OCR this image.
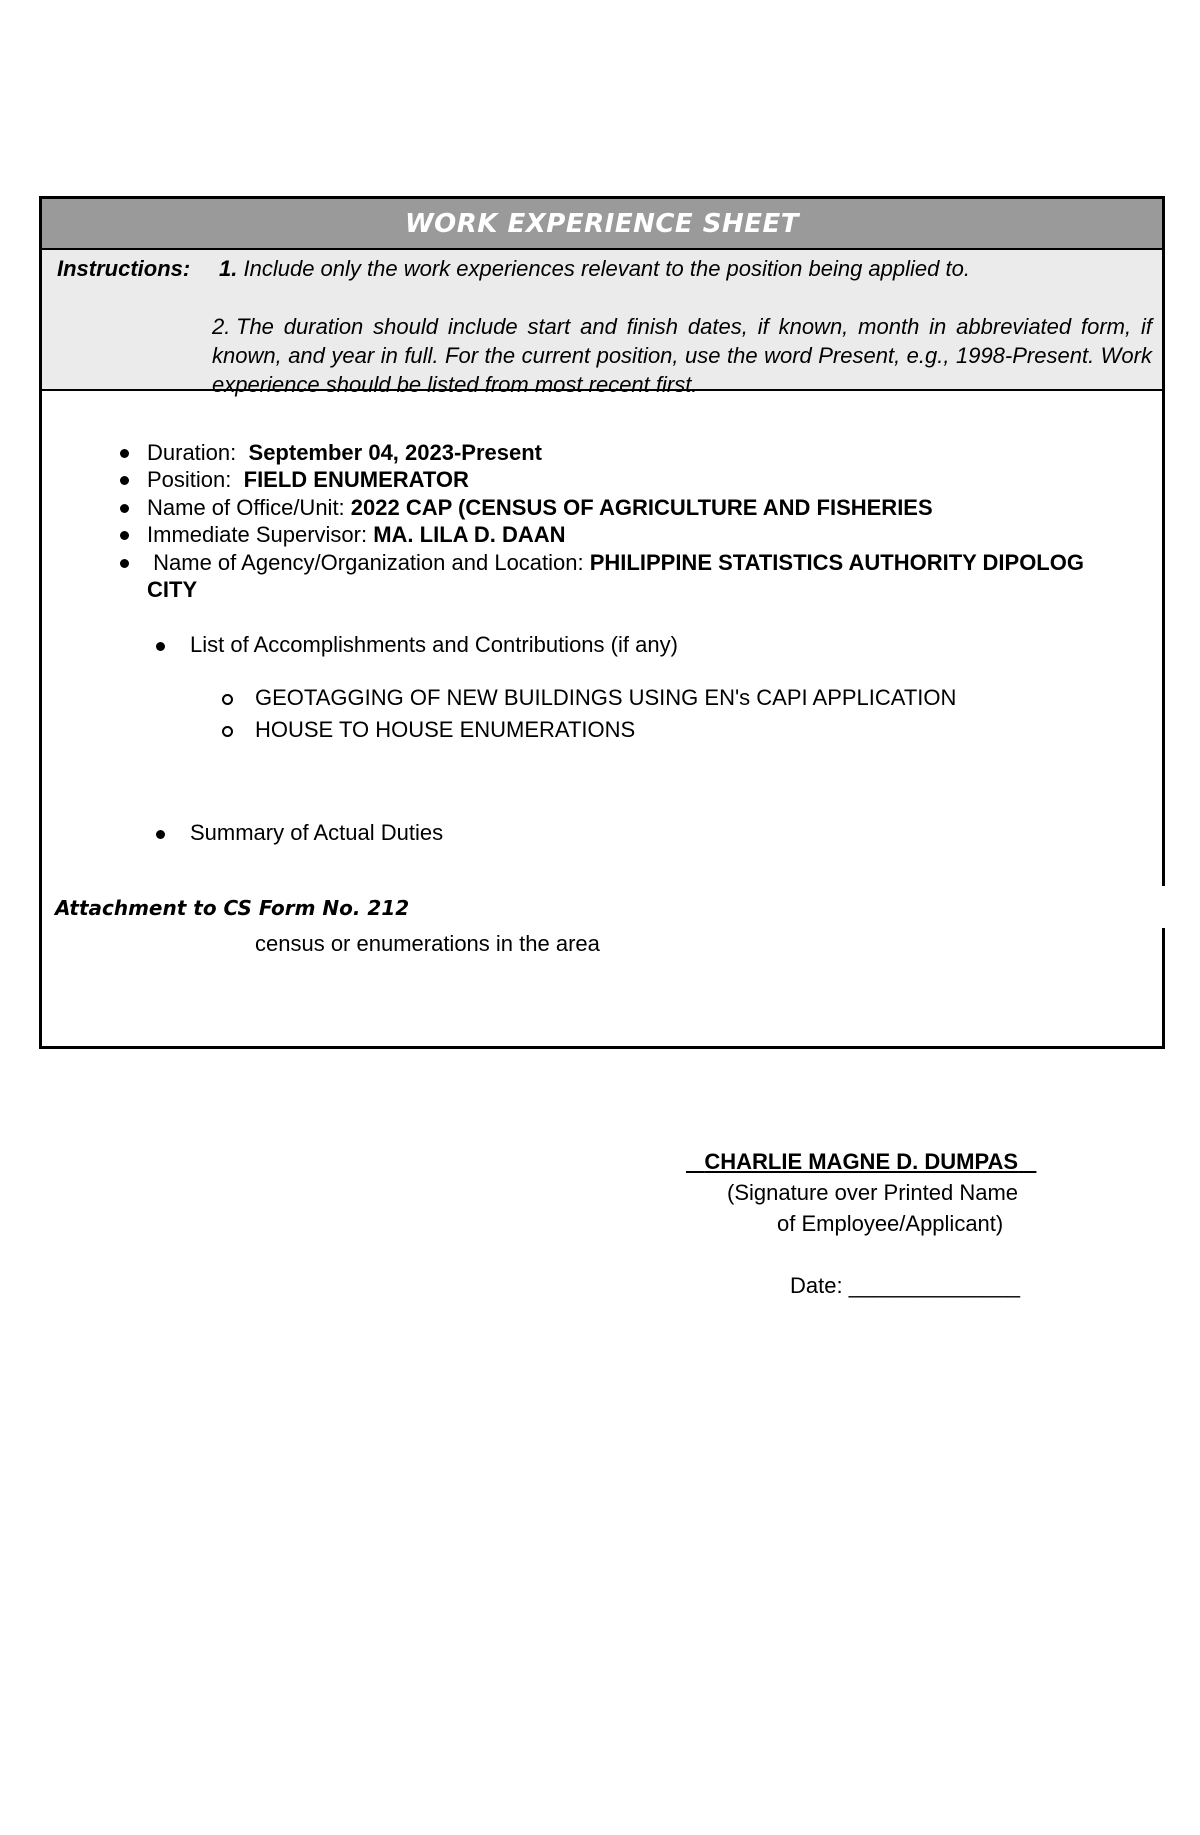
WORK EXPERIENCE SHEET
Instructions: 1. Include only the work experiences relevant to the position being applied to.
2. The duration should include start and finish dates, if known, month in abbreviated form, if known, and year in full. For the current position, use the word Present, e.g., 1998-Present. Work experience should be listed from most recent first.
Duration: September 04, 2023-Present
Position: FIELD ENUMERATOR
Name of Office/Unit: 2022 CAP (CENSUS OF AGRICULTURE AND FISHERIES
Immediate Supervisor: MA. LILA D. DAAN
Name of Agency/Organization and Location: PHILIPPINE STATISTICS AUTHORITY DIPOLOG
CITY
List of Accomplishments and Contributions (if any)
GEOTAGGING OF NEW BUILDINGS USING EN's CAPI APPLICATION
HOUSE TO HOUSE ENUMERATIONS
Summary of Actual Duties
census or enumerations in the area
Attachment to CS Form No. 212
CHARLIE MAGNE D. DUMPAS
(Signature over Printed Name
of Employee/Applicant)
Date: ______________
